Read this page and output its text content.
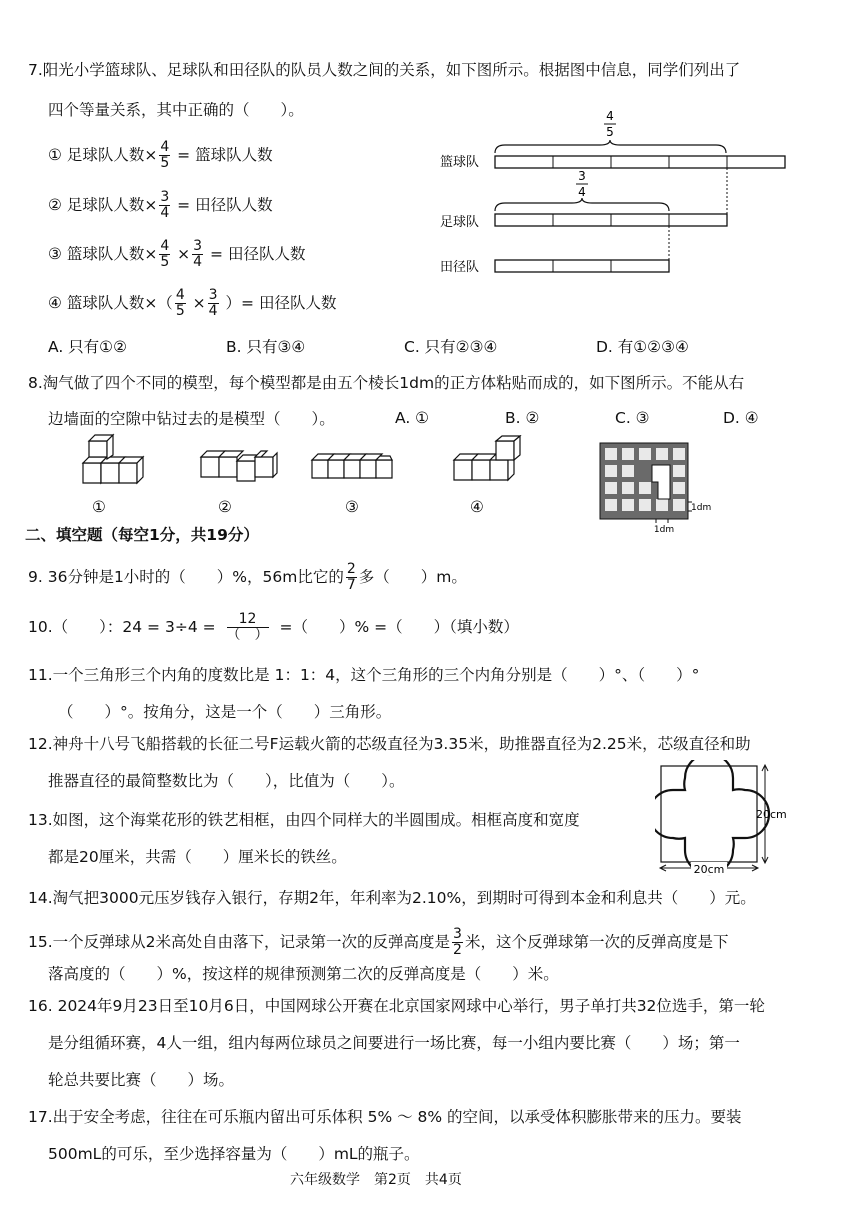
7.阳光小学篮球队、足球队和田径队的队员人数之间的关系，如下图所示。根据图中信息，同学们列出了
四个等量关系，其中正确的（　　）。
① 足球队人数× $\frac{4}{5}$ = 篮球队人数
② 足球队人数× $\frac{3}{4}$ = 田径队人数
③ 篮球队人数× $\frac{4}{5} \times \frac{3}{4}$ = 田径队人数
④ 篮球队人数×（ $\frac{4}{5} \times \frac{3}{4}$ ）= 田径队人数
篮球队
足球队
田径队
4
5
3
4
A. 只有①②	B. 只有③④	C. 只有②③④	D. 有①②③④
8.淘气做了四个不同的模型，每个模型都是由五个棱长1dm的正方体粘贴而成的，如下图所示。不能从右
边墙面的空隙中钻过去的是模型（　　）。	A. ①	B. ②	C. ③	D. ④
①	②	③	④	1dm
1dm
二、填空题（每空1分，共19分）
9. 36分钟是1小时的（　　）%，56m比它的 $\frac{2}{7}$ 多（　　）m。
10.（　　）：$24 = 3\div 4 = \frac{12}{( )}$ =（　　）% =（　　）（填小数）
11.一个三角形三个内角的度数比是 1：1：4，这个三角形的三个内角分别是（　　）°、（　　）°
（　　）°。按角分，这是一个（　　）三角形。
12.神舟十八号飞船搭载的长征二号F运载火箭的芯级直径为3.35米，助推器直径为2.25米，芯级直径和助
推器直径的最简整数比为（　　），比值为（　　）。
13.如图，这个海棠花形的铁艺相框，由四个同样大的半圆围成。相框高度和宽度
都是20厘米，共需（　　）厘米长的铁丝。
20cm
20cm
14.淘气把3000元压岁钱存入银行，存期2年，年利率为2.10%，到期时可得到本金和利息共（　　）元。
15.一个反弹球从2米高处自由落下，记录第一次的反弹高度是 $\frac{3}{2}$ 米，这个反弹球第一次的反弹高度是下
落高度的（　　）%，按这样的规律预测第二次的反弹高度是（　　）米。
16. 2024年9月23日至10月6日，中国网球公开赛在北京国家网球中心举行，男子单打共32位选手，第一轮
是分组循环赛，4人一组，组内每两位球员之间要进行一场比赛，每一小组内要比赛（　　）场；第一
轮总共要比赛（　　）场。
17.出于安全考虑，往往在可乐瓶内留出可乐体积 5% ～ 8% 的空间，以承受体积膨胀带来的压力。要装
500mL的可乐，至少选择容量为（　　）mL的瓶子。
六年级数学　第2页　共4页
